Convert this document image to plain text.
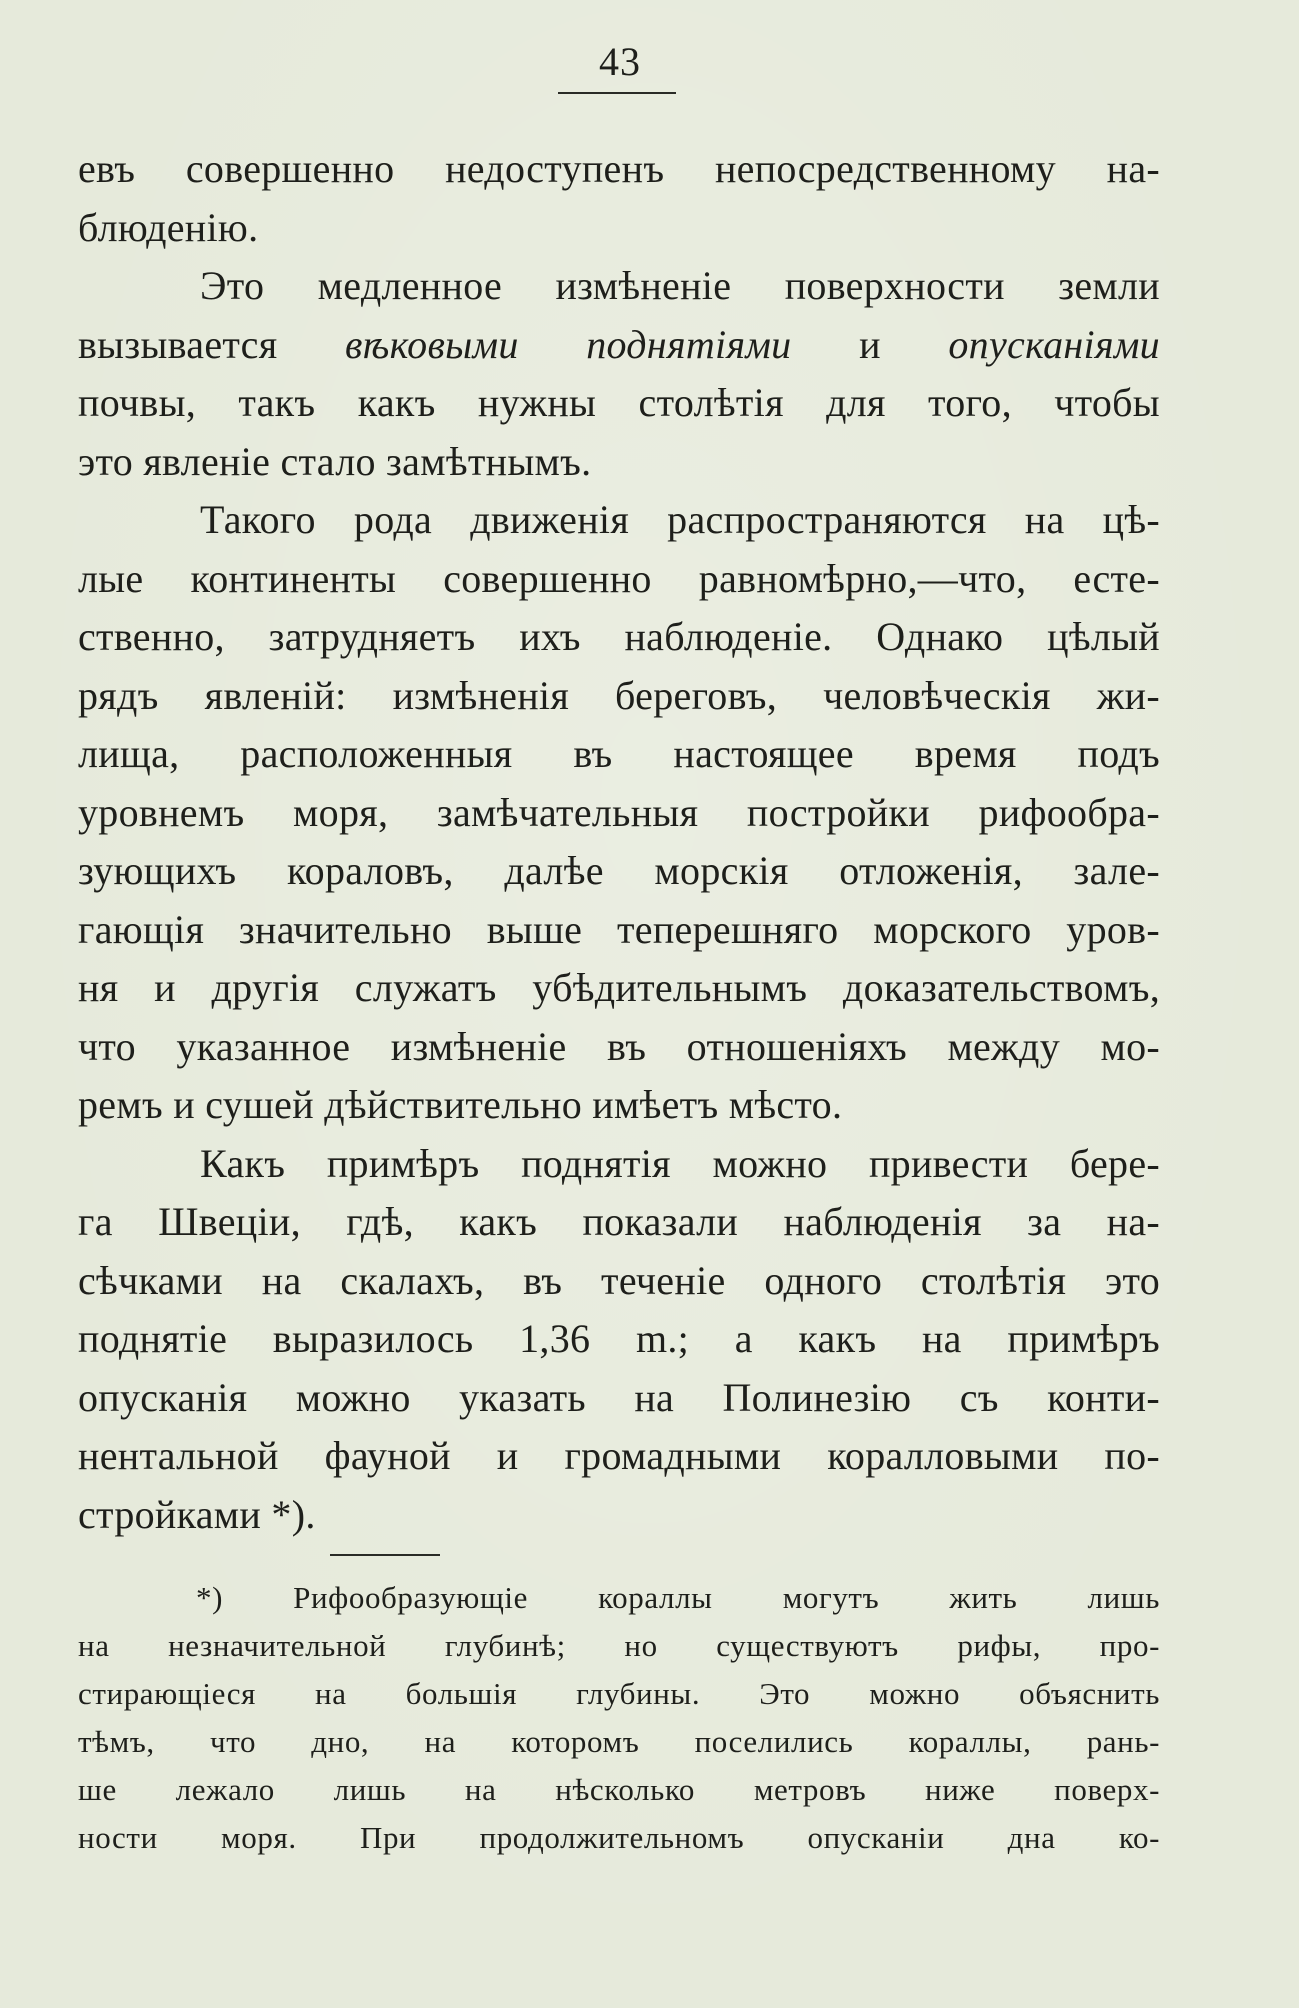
43
евъ совершенно недоступенъ непосредственному на-
блюденію.
Это медленное измѣненіе поверхности земли
вызывается вѣковыми поднятіями и опусканіями
почвы, такъ какъ нужны столѣтія для того, чтобы
это явленіе стало замѣтнымъ.
Такого рода движенія распространяются на цѣ-
лые континенты совершенно равномѣрно,—что, есте-
ственно, затрудняетъ ихъ наблюденіе. Однако цѣлый
рядъ явленій: измѣненія береговъ, человѣческія жи-
лища, расположенныя въ настоящее время подъ
уровнемъ моря, замѣчательныя постройки рифообра-
зующихъ кораловъ, далѣе морскія отложенія, зале-
гающія значительно выше теперешняго морского уров-
ня и другія служатъ убѣдительнымъ доказательствомъ,
что указанное измѣненіе въ отношеніяхъ между мо-
ремъ и сушей дѣйствительно имѣетъ мѣсто.
Какъ примѣръ поднятія можно привести бере-
га Швеціи, гдѣ, какъ показали наблюденія за на-
сѣчками на скалахъ, въ теченіе одного столѣтія это
поднятіе выразилось 1,36 m.; а какъ на примѣръ
опусканія можно указать на Полинезію съ конти-
нентальной фауной и громадными коралловыми по-
стройками *).
*) Рифообразующіе кораллы могутъ жить лишь
на незначительной глубинѣ; но существуютъ рифы, про-
стирающіеся на большія глубины. Это можно объяснить
тѣмъ, что дно, на которомъ поселились кораллы, рань-
ше лежало лишь на нѣсколько метровъ ниже поверх-
ности моря. При продолжительномъ опусканіи дна ко-
